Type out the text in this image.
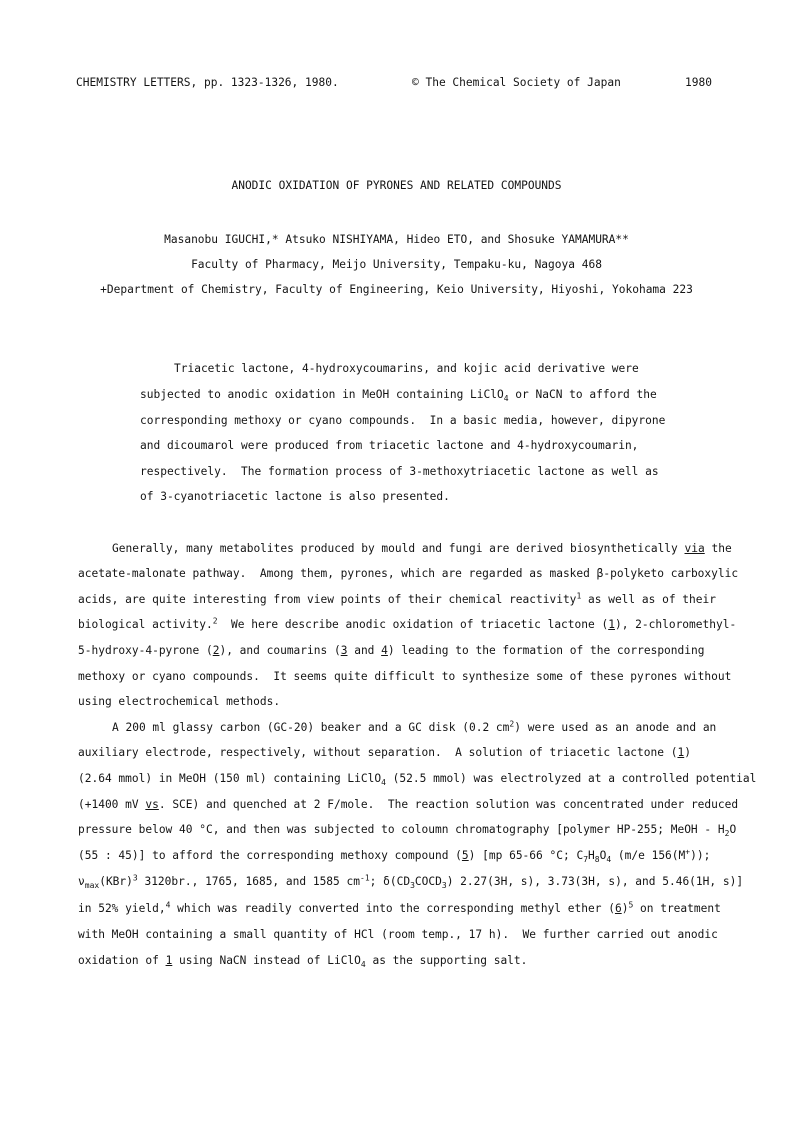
CHEMISTRY LETTERS, pp. 1323-1326, 1980.	© The Chemical Society of Japan	1980
ANODIC OXIDATION OF PYRONES AND RELATED COMPOUNDS
Masanobu IGUCHI,* Atsuko NISHIYAMA, Hideo ETO, and Shosuke YAMAMURA**
Faculty of Pharmacy, Meijo University, Tempaku-ku, Nagoya 468
+Department of Chemistry, Faculty of Engineering, Keio University, Hiyoshi, Yokohama 223
Triacetic lactone, 4-hydroxycoumarins, and kojic acid derivative were
subjected to anodic oxidation in MeOH containing LiClO$_4$ or NaCN to afford the
corresponding methoxy or cyano compounds.  In a basic media, however, dipyrone
and dicoumarol were produced from triacetic lactone and 4-hydroxycoumarin,
respectively.  The formation process of 3-methoxytriacetic lactone as well as
of 3-cyanotriacetic lactone is also presented.
Generally, many metabolites produced by mould and fungi are derived biosynthetically via the
acetate-malonate pathway.  Among them, pyrones, which are regarded as masked β-polyketo carboxylic
acids, are quite interesting from view points of their chemical reactivity$^1$ as well as of their
biological activity.$^2$  We here describe anodic oxidation of triacetic lactone (1), 2-chloromethyl-
5-hydroxy-4-pyrone (2), and coumarins (3 and 4) leading to the formation of the corresponding
methoxy or cyano compounds.  It seems quite difficult to synthesize some of these pyrones without
using electrochemical methods.
A 200 ml glassy carbon (GC-20) beaker and a GC disk (0.2 $cm^2$) were used as an anode and an
auxiliary electrode, respectively, without separation.  A solution of triacetic lactone (1)
(2.64 mmol) in MeOH (150 ml) containing LiClO$_4$ (52.5 mmol) was electrolyzed at a controlled potential
(+1400 mV vs. SCE) and quenched at 2 F/mole.  The reaction solution was concentrated under reduced
pressure below 40 °C, and then was subjected to coloumn chromatography [polymer HP-255; MeOH - $H_2O$
(55 : 45)] to afford the corresponding methoxy compound (5) [mp 65-66 °C; $C_7H_8O_4$ (m/e 156(M+));
$\nu_{max}(KBr)^3$ 3120br., 1765, 1685, and 1585 $cm^{-1}$; $\delta(CD_3COCD_3)$ 2.27(3H, s), 3.73(3H, s), and 5.46(1H, s)]
in 52% yield,$^4$ which was readily converted into the corresponding methyl ether $(6)^5$ on treatment
with MeOH containing a small quantity of HCl (room temp., 17 h).  We further carried out anodic
oxidation of 1 using NaCN instead of LiClO$_4$ as the supporting salt.
